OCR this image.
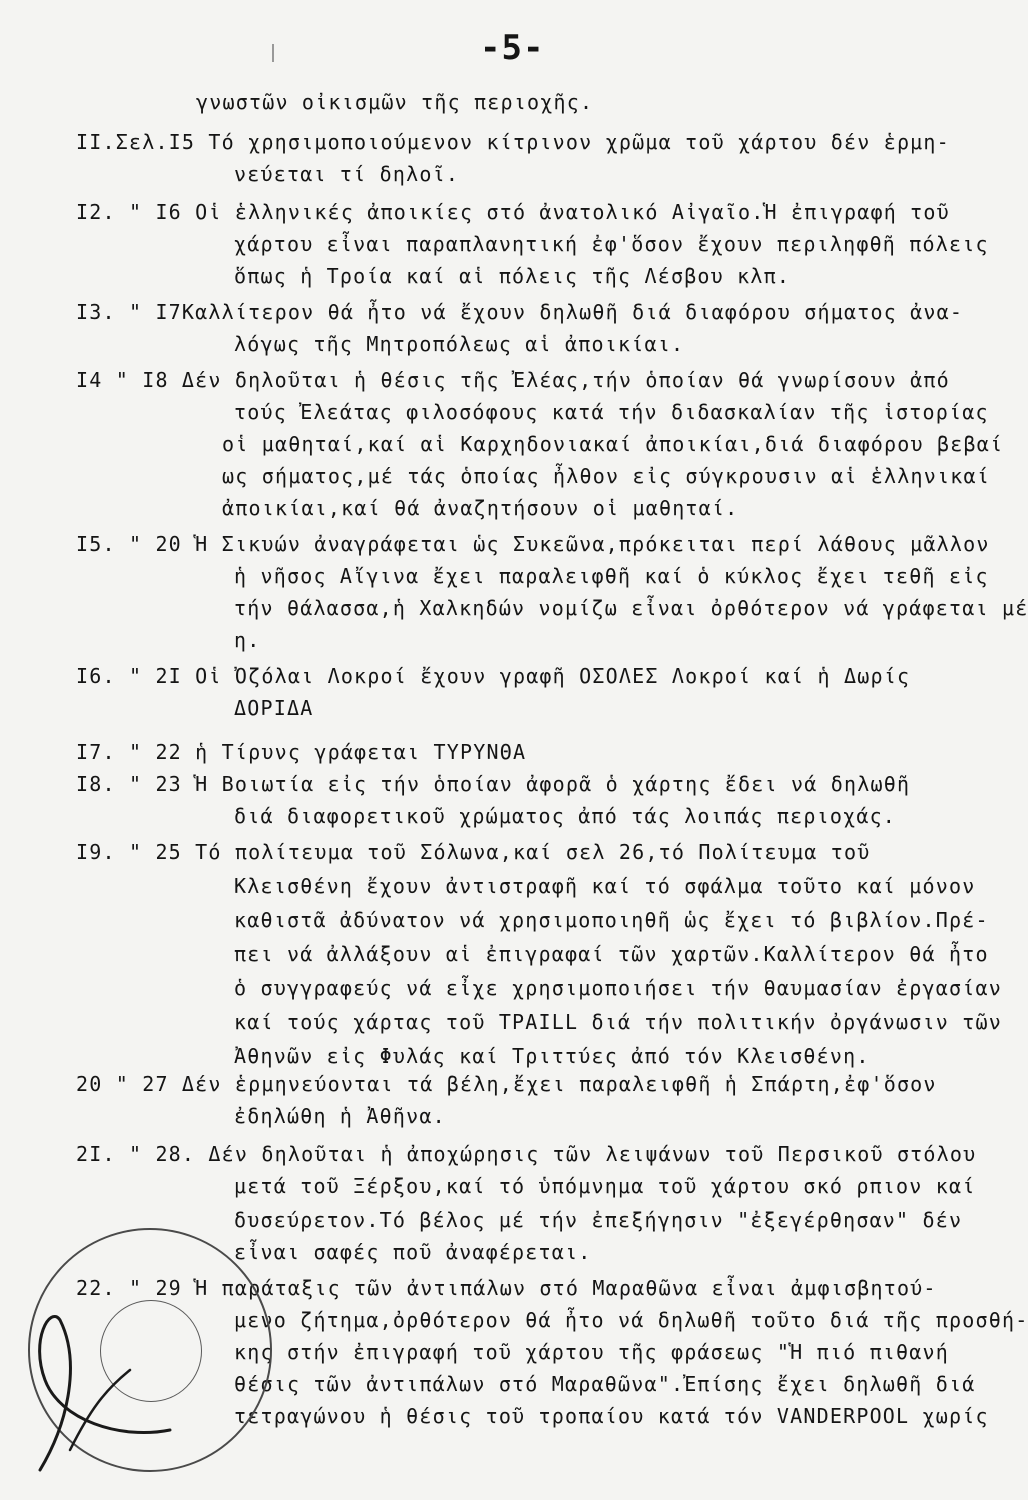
-5-
γνωστῶν οἰκισμῶν τῆς περιοχῆς.
II.Σελ.I5 Τό χρησιμοποιούμενον κίτρινον χρῶμα τοῦ χάρτου δέν ἑρμη-
νεύεται τί δηλοῖ.
I2. " I6 Οἱ ἑλληνικές ἀποικίες στό ἀνατολικό Αἰγαῖο.Ἡ ἐπιγραφή τοῦ
χάρτου εἶναι παραπλανητική ἐφ'ὅσον ἔχουν περιληφθῆ πόλεις
ὅπως ἡ Τροία καί αἱ πόλεις τῆς Λέσβου κλπ.
I3. " I7Καλλίτερον θά ἦτο νά ἔχουν δηλωθῆ διά διαφόρου σήματος ἀνα-
λόγως τῆς Μητροπόλεως αἱ ἀποικίαι.
I4 " I8 Δέν δηλοῦται ἡ θέσις τῆς Ἐλέας,τήν ὁποίαν θά γνωρίσουν ἀπό
τούς Ἐλεάτας φιλοσόφους κατά τήν διδασκαλίαν τῆς ἱστορίας
οἱ μαθηταί,καί αἱ Καρχηδονιακαί ἀποικίαι,διά διαφόρου βεβαί
ως σήματος,μέ τάς ὁποίας ἦλθον εἰς σύγκρουσιν αἱ ἑλληνικαί
ἀποικίαι,καί θά ἀναζητήσουν οἱ μαθηταί.
I5. " 20 Ἡ Σικυών ἀναγράφεται ὡς Συκεῶνα,πρόκειται περί λάθους μᾶλλον
ἡ νῆσος Αἴγινα ἔχει παραλειφθῆ καί ὁ κύκλος ἔχει τεθῆ εἰς
τήν θάλασσα,ἡ Χαλκηδών νομίζω εἶναι ὀρθότερον νά γράφεται μέ
η.
I6. " 2I Οἱ Ὀζόλαι Λοκροί ἔχουν γραφῆ ΟΣΟΛΕΣ Λοκροί καί ἡ Δωρίς
ΔΟΡΙΔΑ
I7. " 22 ἡ Τίρυνς γράφεται ΤΥΡΥΝΘΑ
I8. " 23 Ἡ Βοιωτία εἰς τήν ὁποίαν ἀφορᾶ ὁ χάρτης ἔδει νά δηλωθῆ
διά διαφορετικοῦ χρώματος ἀπό τάς λοιπάς περιοχάς.
I9. " 25 Τό πολίτευμα τοῦ Σόλωνα,καί σελ 26,τό Πολίτευμα τοῦ
Κλεισθένη ἔχουν ἀντιστραφῆ καί τό σφάλμα τοῦτο καί μόνον
καθιστᾶ ἀδύνατον νά χρησιμοποιηθῆ ὡς ἔχει τό βιβλίον.Πρέ-
πει νά ἀλλάξουν αἱ ἐπιγραφαί τῶν χαρτῶν.Καλλίτερον θά ἦτο
ὁ συγγραφεύς νά εἶχε χρησιμοποιήσει τήν θαυμασίαν ἐργασίαν
καί τούς χάρτας τοῦ TPAILL διά τήν πολιτικήν ὀργάνωσιν τῶν
Ἀθηνῶν εἰς Φυλάς καί Τριττύες ἀπό τόν Κλεισθένη.
20 " 27 Δέν ἑρμηνεύονται τά βέλη,ἔχει παραλειφθῆ ἡ Σπάρτη,ἐφ'ὅσον
ἐδηλώθη ἡ Ἀθῆνα.
2I. " 28. Δέν δηλοῦται ἡ ἀποχώρησις τῶν λειψάνων τοῦ Περσικοῦ στόλου
μετά τοῦ Ξέρξου,καί τό ὑπόμνημα τοῦ χάρτου σκό ρπιον καί
δυσεύρετον.Τό βέλος μέ τήν ἐπεξήγησιν "ἐξεγέρθησαν" δέν
εἶναι σαφές ποῦ ἀναφέρεται.
22. " 29 Ἡ παράταξις τῶν ἀντιπάλων στό Μαραθῶνα εἶναι ἀμφισβητού-
μενο ζήτημα,ὀρθότερον θά ἦτο νά δηλωθῆ τοῦτο διά τῆς προσθή-
κης στήν ἐπιγραφή τοῦ χάρτου τῆς φράσεως "Ἡ πιό πιθανή
θέσις τῶν ἀντιπάλων στό Μαραθῶνα".Ἐπίσης ἔχει δηλωθῆ διά
τετραγώνου ἡ θέσις τοῦ τροπαίου κατά τόν VANDERPOOL χωρίς
